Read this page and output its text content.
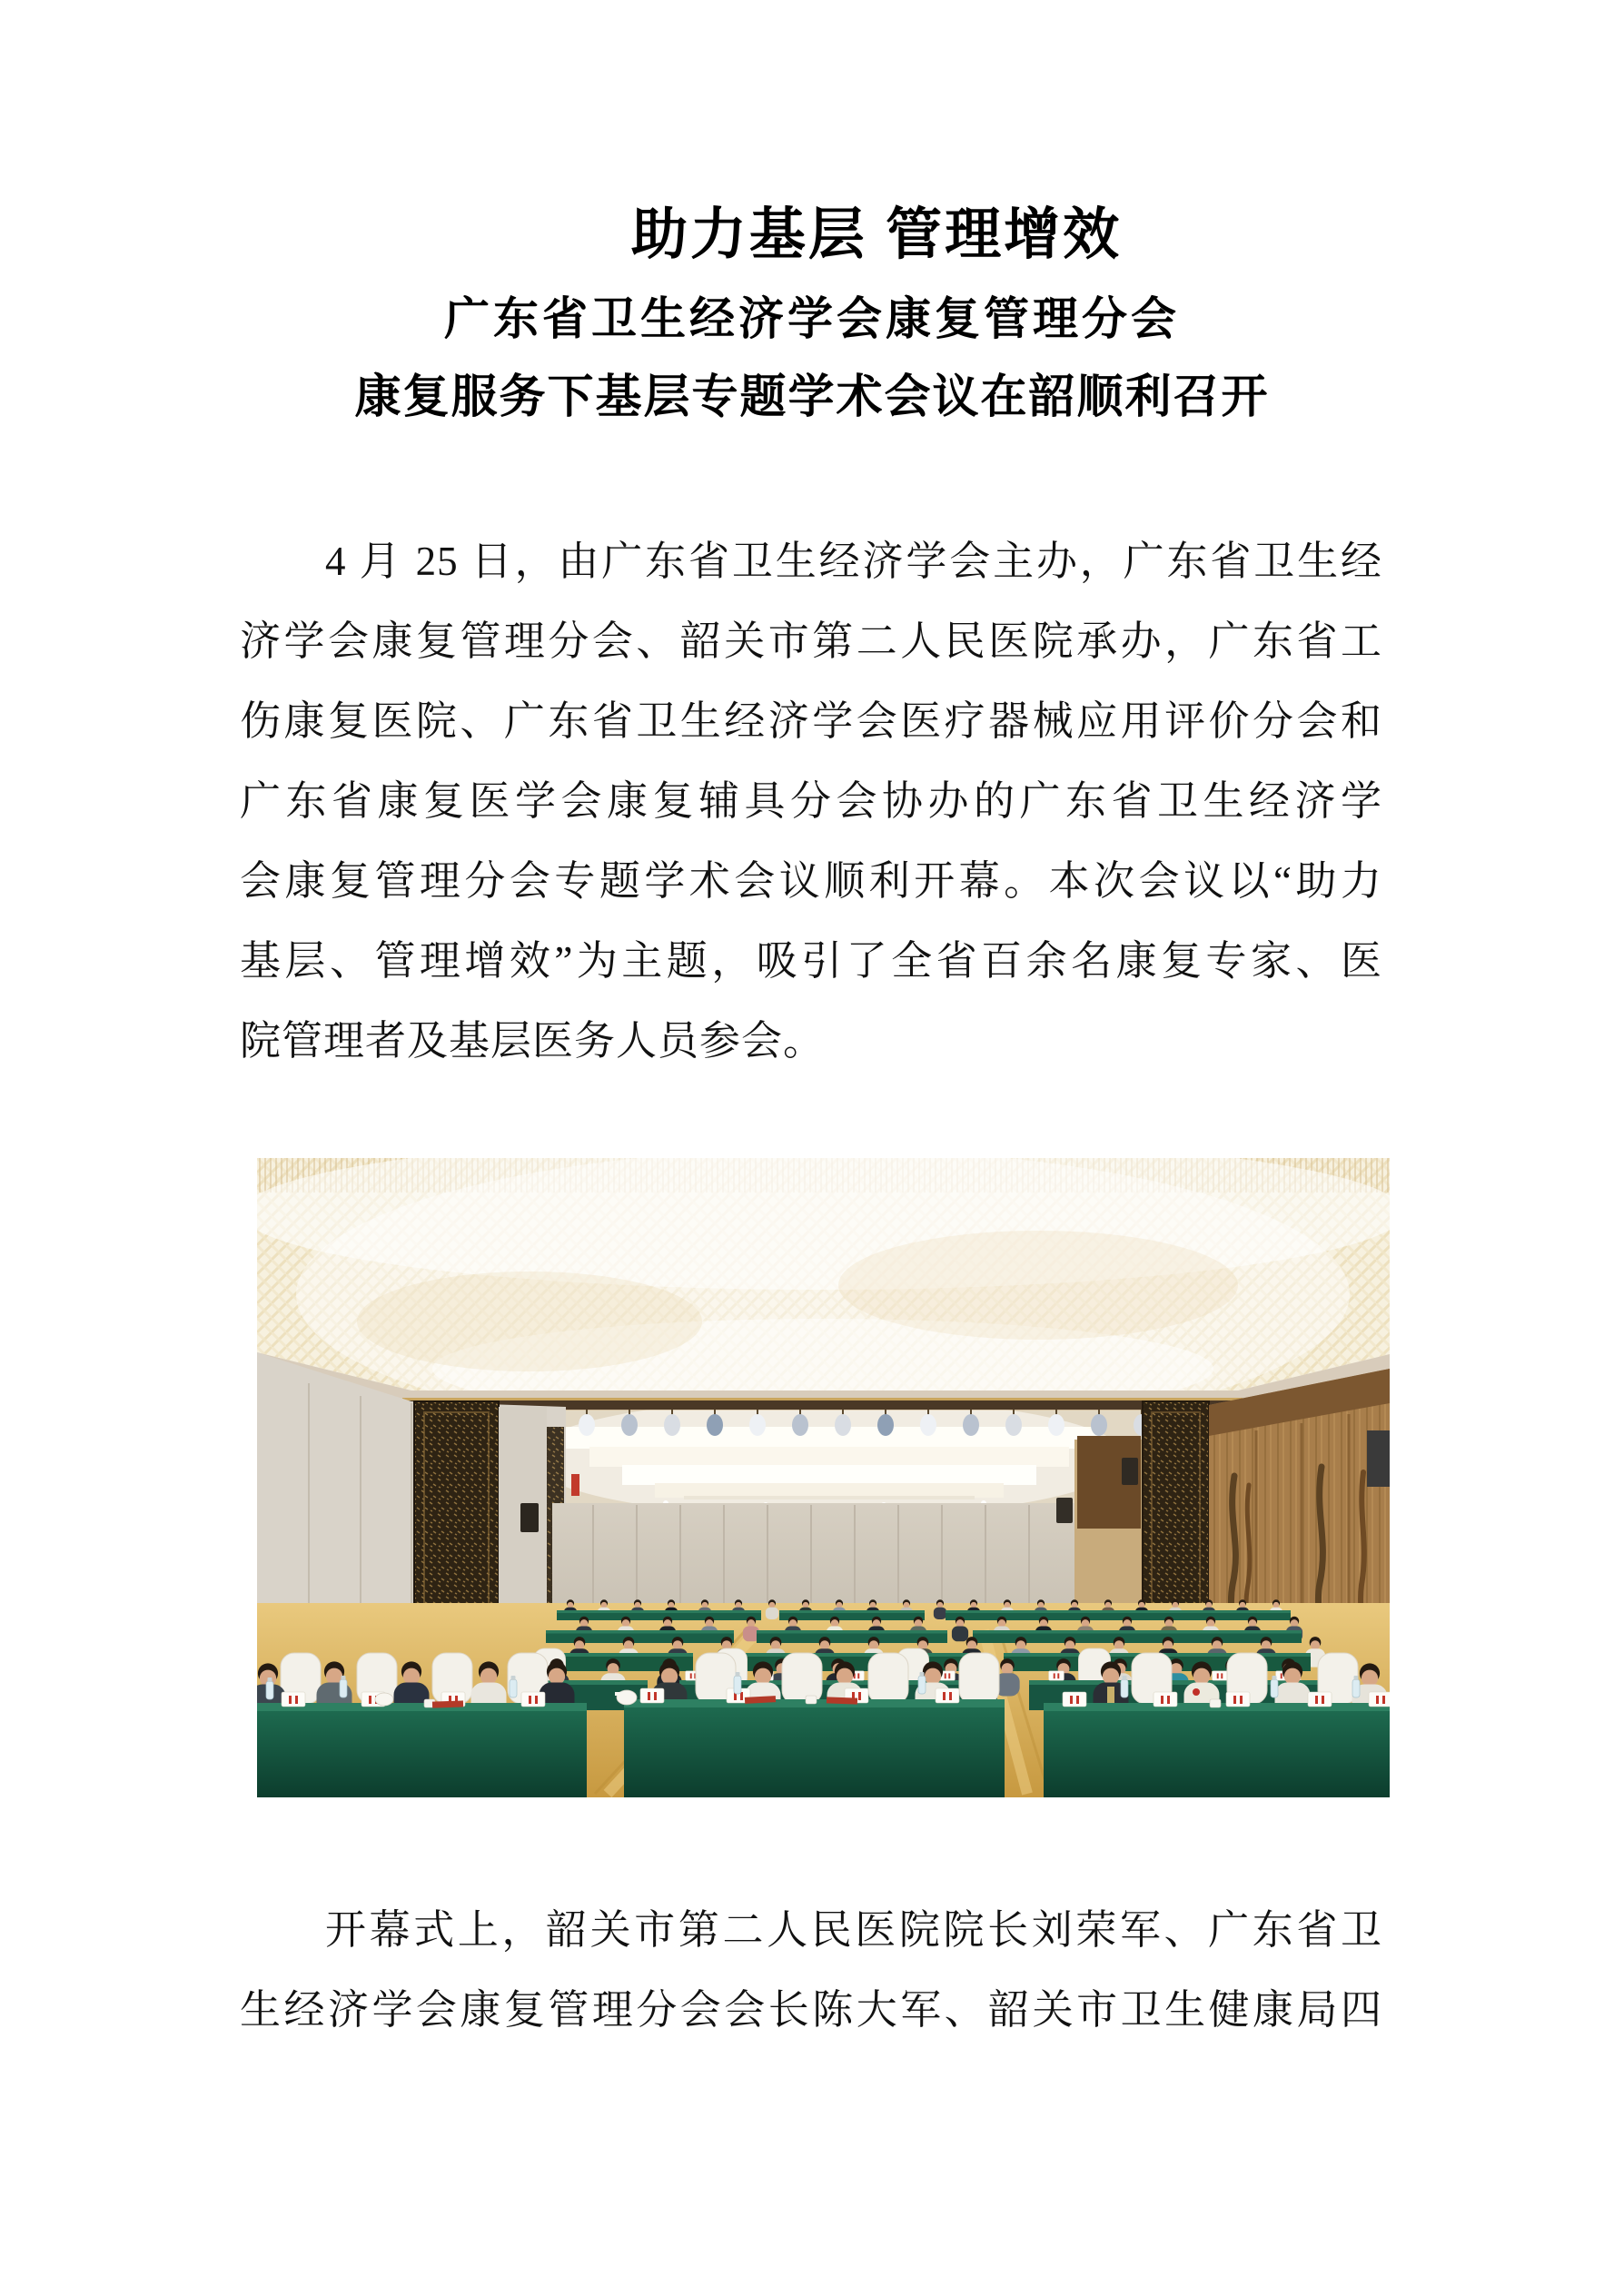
助力基层 管理增效
广东省卫生经济学会康复管理分会
康复服务下基层专题学术会议在韶顺利召开
4 月 25 日，由广东省卫生经济学会主办，广东省卫生经
济学会康复管理分会、韶关市第二人民医院承办，广东省工
伤康复医院、广东省卫生经济学会医疗器械应用评价分会和
广东省康复医学会康复辅具分会协办的广东省卫生经济学
会康复管理分会专题学术会议顺利开幕。本次会议以“助力
基层、管理增效”为主题，吸引了全省百余名康复专家、医
院管理者及基层医务人员参会。
开幕式上，韶关市第二人民医院院长刘荣军、广东省卫
生经济学会康复管理分会会长陈大军、韶关市卫生健康局四
